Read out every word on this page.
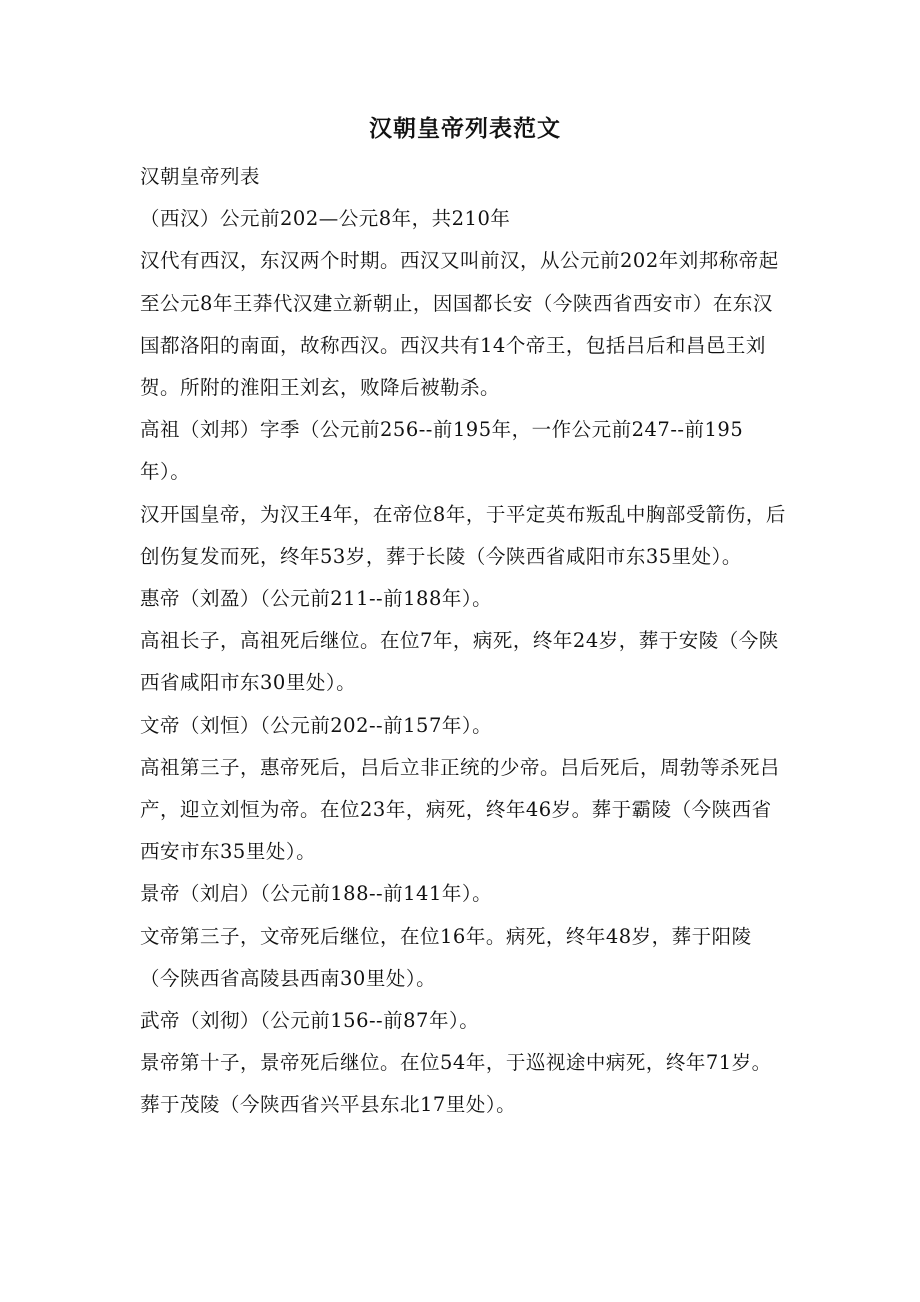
汉朝皇帝列表范文

汉朝皇帝列表

（西汉）公元前202—公元8年，共210年

汉代有西汉，东汉两个时期。西汉又叫前汉，从公元前202年刘邦称帝起至公元8年王莽代汉建立新朝止，因国都长安（今陕西省西安市）在东汉国都洛阳的南面，故称西汉。西汉共有14个帝王，包括吕后和昌邑王刘贺。所附的淮阳王刘玄，败降后被勒杀。

高祖（刘邦）字季（公元前256--前195年，一作公元前247--前195年）。

汉开国皇帝，为汉王4年，在帝位8年，于平定英布叛乱中胸部受箭伤，后创伤复发而死，终年53岁，葬于长陵（今陕西省咸阳市东35里处）。

惠帝（刘盈）（公元前211--前188年）。

高祖长子，高祖死后继位。在位7年，病死，终年24岁，葬于安陵（今陕西省咸阳市东30里处）。

文帝（刘恒）（公元前202--前157年）。

高祖第三子，惠帝死后，吕后立非正统的少帝。吕后死后，周勃等杀死吕产，迎立刘恒为帝。在位23年，病死，终年46岁。葬于霸陵（今陕西省西安市东35里处）。

景帝（刘启）（公元前188--前141年）。

文帝第三子，文帝死后继位，在位16年。病死，终年48岁，葬于阳陵（今陕西省高陵县西南30里处）。

武帝（刘彻）（公元前156--前87年）。

景帝第十子，景帝死后继位。在位54年，于巡视途中病死，终年71岁。葬于茂陵（今陕西省兴平县东北17里处）。
